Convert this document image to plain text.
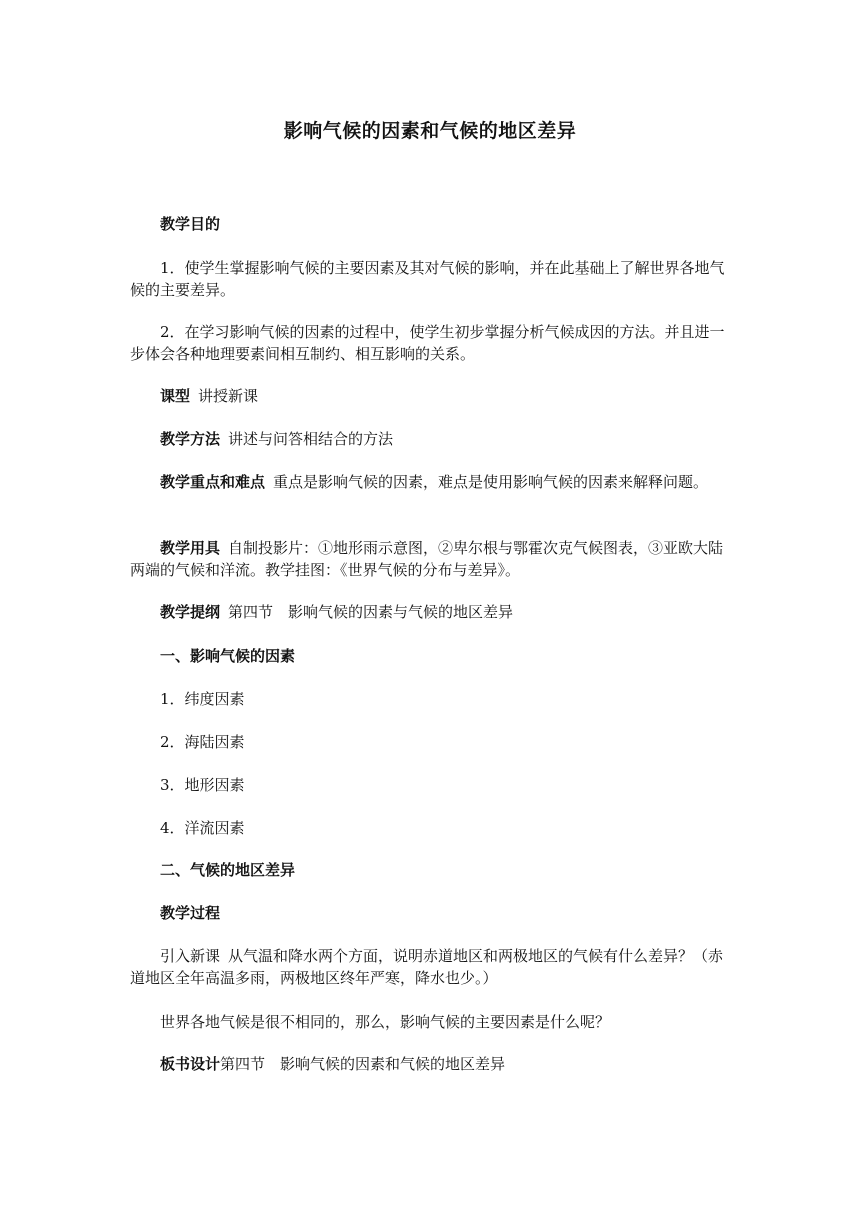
影响气候的因素和气候的地区差异
教学目的
1．使学生掌握影响气候的主要因素及其对气候的影响，并在此基础上了解世界各地气候的主要差异。
2．在学习影响气候的因素的过程中，使学生初步掌握分析气候成因的方法。并且进一步体会各种地理要素间相互制约、相互影响的关系。
课型 讲授新课
教学方法 讲述与问答相结合的方法
教学重点和难点 重点是影响气候的因素，难点是使用影响气候的因素来解释问题。
教学用具 自制投影片：①地形雨示意图，②卑尔根与鄂霍次克气候图表，③亚欧大陆两端的气候和洋流。教学挂图：《世界气候的分布与差异》。
教学提纲 第四节　影响气候的因素与气候的地区差异
一、影响气候的因素
1．纬度因素
2．海陆因素
3．地形因素
4．洋流因素
二、气候的地区差异
教学过程
引入新课 从气温和降水两个方面，说明赤道地区和两极地区的气候有什么差异？（赤道地区全年高温多雨，两极地区终年严寒，降水也少。）
世界各地气候是很不相同的，那么，影响气候的主要因素是什么呢？
板书设计第四节　影响气候的因素和气候的地区差异
